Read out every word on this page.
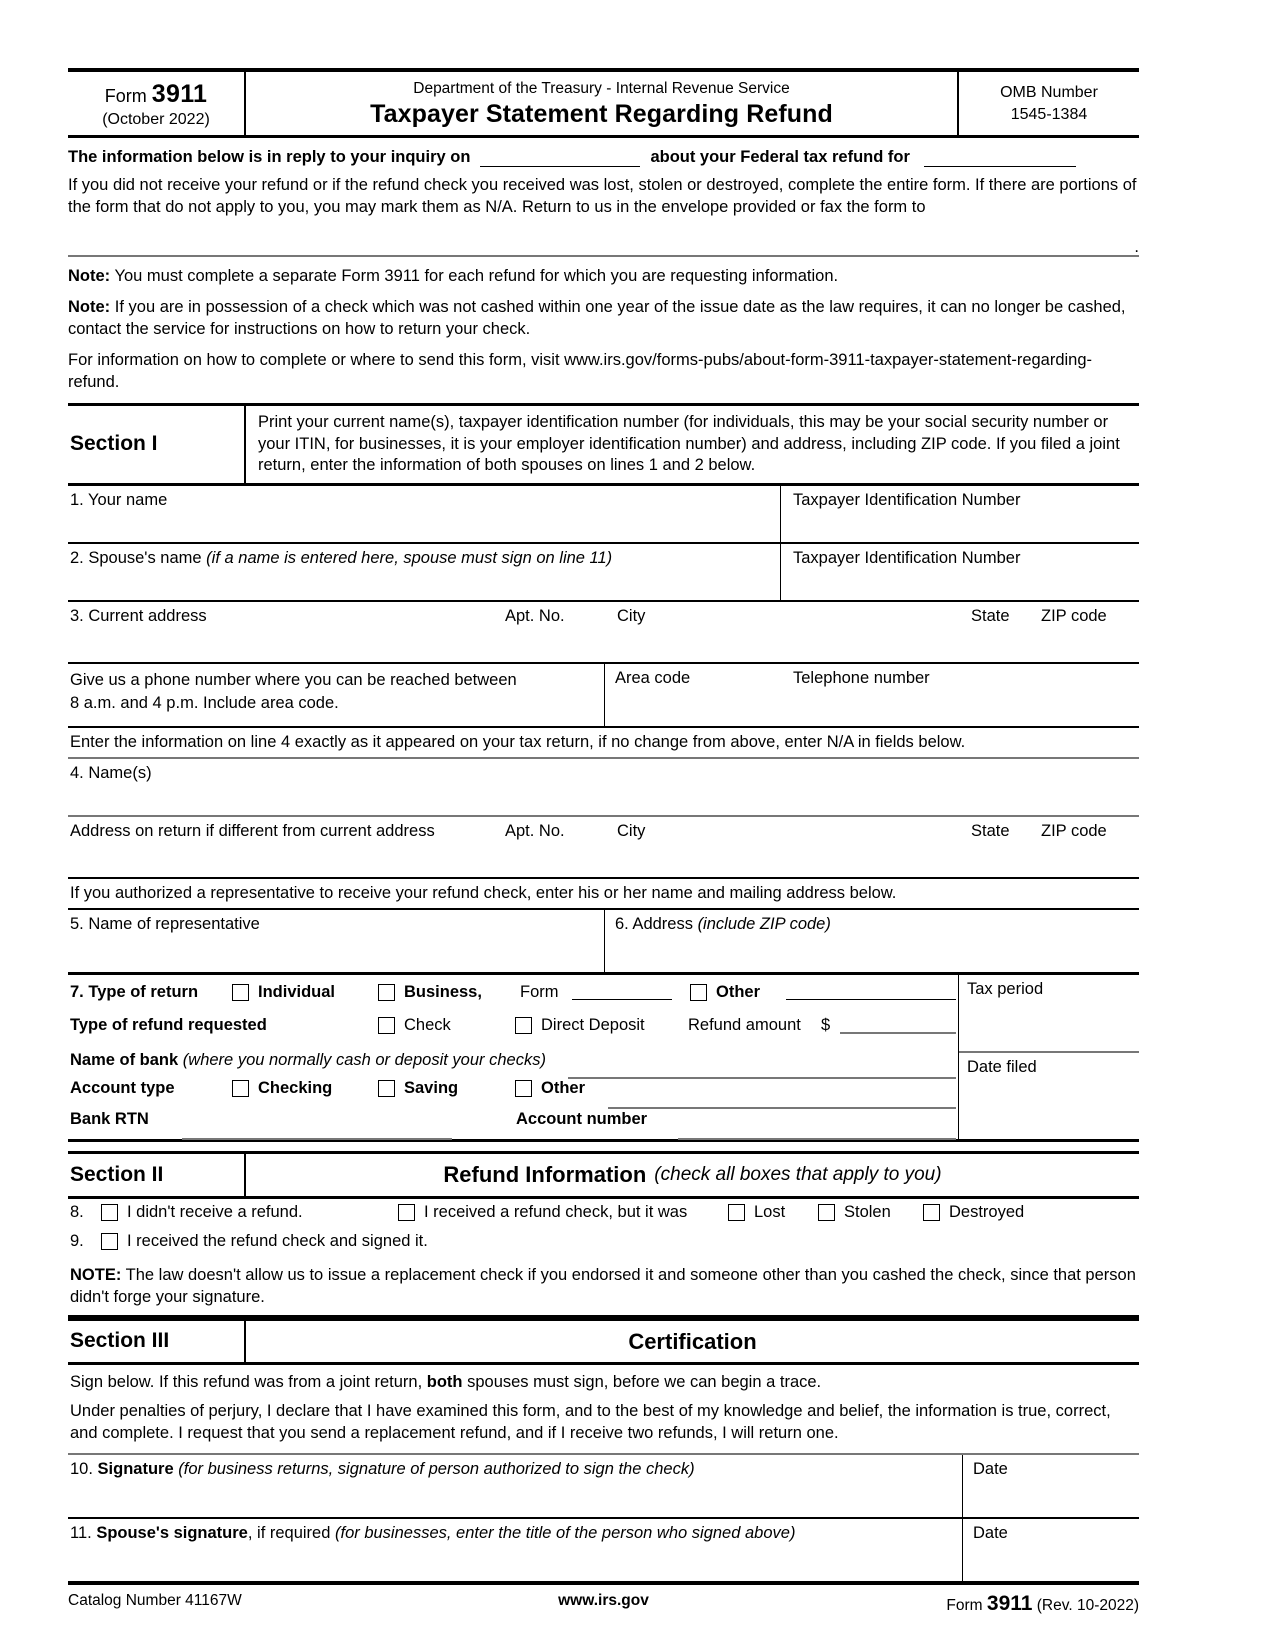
Form 3911
(October 2022)
Department of the Treasury - Internal Revenue Service
Taxpayer Statement Regarding Refund
OMB Number
1545-1384
The information below is in reply to your inquiry on	about your Federal tax refund for
If you did not receive your refund or if the refund check you received was lost, stolen or destroyed, complete the entire form. If there are portions of the form that do not apply to you, you may mark them as N/A. Return to us in the envelope provided or fax the form to
.
Note: You must complete a separate Form 3911 for each refund for which you are requesting information.
Note: If you are in possession of a check which was not cashed within one year of the issue date as the law requires, it can no longer be cashed, contact the service for instructions on how to return your check.
For information on how to complete or where to send this form, visit www.irs.gov/forms-pubs/about-form-3911-taxpayer-statement-regarding-refund.
Section I
Print your current name(s), taxpayer identification number (for individuals, this may be your social security number or your ITIN, for businesses, it is your employer identification number) and address, including ZIP code. If you filed a joint return, enter the information of both spouses on lines 1 and 2 below.
1. Your name	Taxpayer Identification Number
2. Spouse's name (if a name is entered here, spouse must sign on line 11)	Taxpayer Identification Number
3. Current address	Apt. No.	City	State ZIP code
Give us a phone number where you can be reached between
8 a.m. and 4 p.m. Include area code.
Area code	Telephone number
Enter the information on line 4 exactly as it appeared on your tax return, if no change from above, enter N/A in fields below.
4. Name(s)
Address on return if different from current address	Apt. No.	City	State ZIP code
If you authorized a representative to receive your refund check, enter his or her name and mailing address below.
5. Name of representative	6. Address (include ZIP code)
7. Type of return	Individual	Business, Form	Other
Type of refund requested	Check	Direct Deposit	Refund amount $
Name of bank (where you normally cash or deposit your checks)
Account type	Checking	Saving	Other
Bank RTN	Account number
Tax period
Date filed
Section II	Refund Information (check all boxes that apply to you)
8.	I didn't receive a refund.	I received a refund check, but it was	Lost	Stolen	Destroyed
9.	I received the refund check and signed it.
NOTE: The law doesn't allow us to issue a replacement check if you endorsed it and someone other than you cashed the check, since that person didn't forge your signature.
Section III	Certification
Sign below. If this refund was from a joint return, both spouses must sign, before we can begin a trace.
Under penalties of perjury, I declare that I have examined this form, and to the best of my knowledge and belief, the information is true, correct, and complete. I request that you send a replacement refund, and if I receive two refunds, I will return one.
10. Signature (for business returns, signature of person authorized to sign the check)	Date
11. Spouse's signature, if required (for businesses, enter the title of the person who signed above)	Date
Catalog Number 41167W	www.irs.gov	Form 3911 (Rev. 10-2022)
